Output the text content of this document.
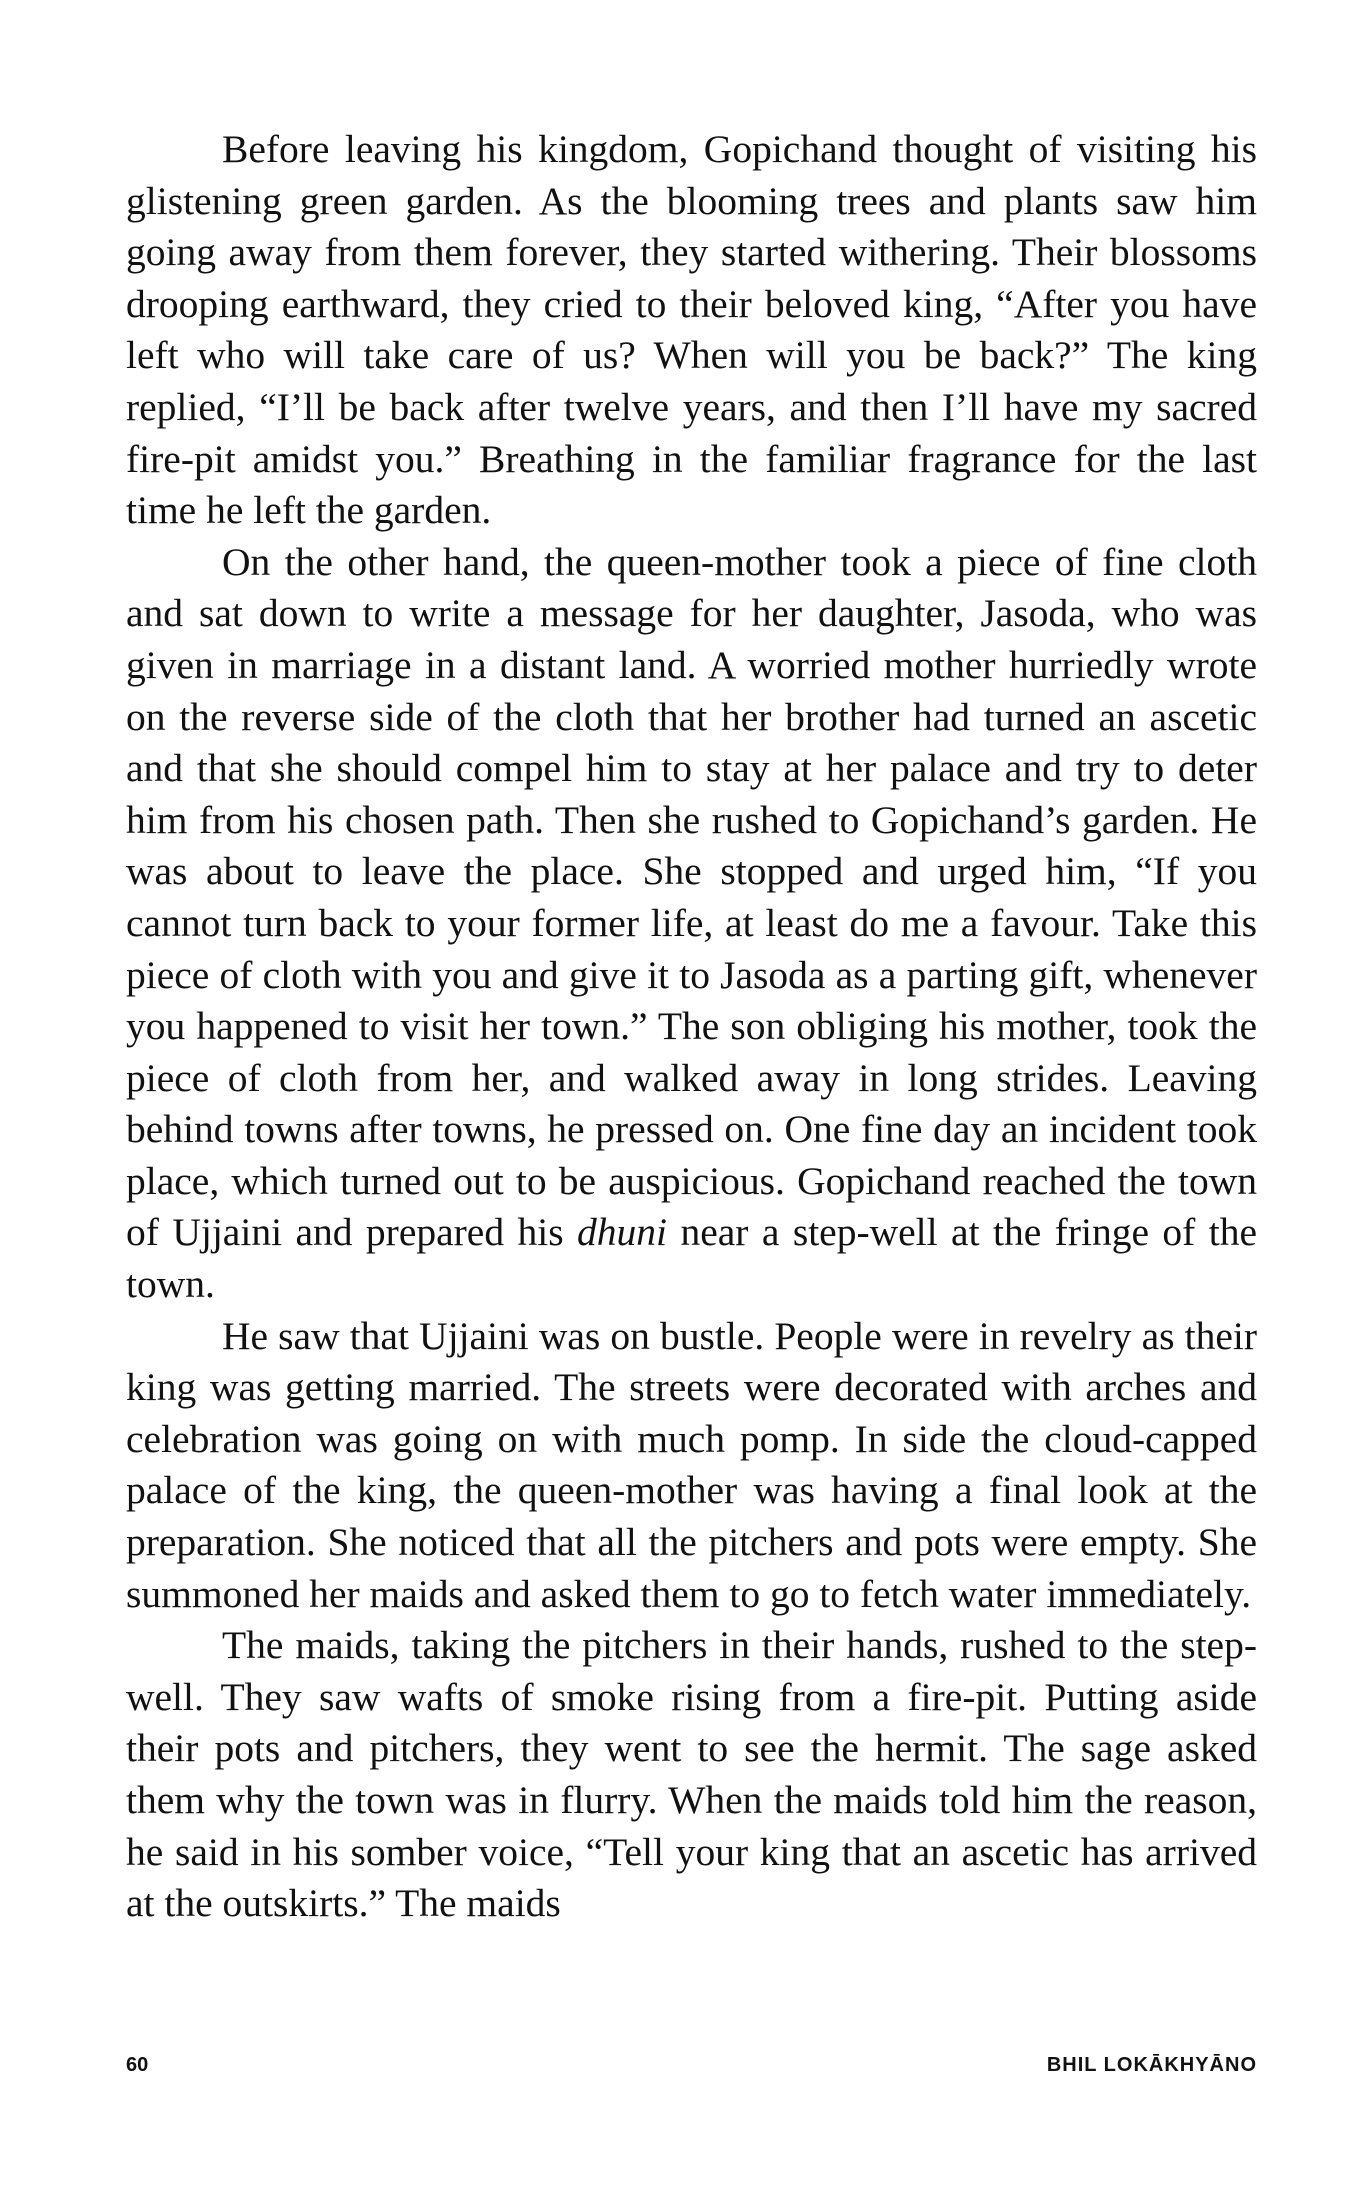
Before leaving his kingdom, Gopichand thought of visiting his glistening green garden. As the blooming trees and plants saw him going away from them forever, they started withering. Their blossoms drooping earthward, they cried to their beloved king, “After you have left who will take care of us? When will you be back?” The king replied, “I’ll be back after twelve years, and then I’ll have my sacred fire-pit amidst you.” Breathing in the familiar fragrance for the last time he left the garden.

On the other hand, the queen-mother took a piece of fine cloth and sat down to write a message for her daughter, Jasoda, who was given in marriage in a distant land. A worried mother hurriedly wrote on the reverse side of the cloth that her brother had turned an ascetic and that she should compel him to stay at her palace and try to deter him from his chosen path. Then she rushed to Gopichand’s garden. He was about to leave the place. She stopped and urged him, “If you cannot turn back to your former life, at least do me a favour. Take this piece of cloth with you and give it to Jasoda as a parting gift, whenever you happened to visit her town.” The son obliging his mother, took the piece of cloth from her, and walked away in long strides. Leaving behind towns after towns, he pressed on. One fine day an incident took place, which turned out to be auspicious. Gopichand reached the town of Ujjaini and prepared his dhuni near a step-well at the fringe of the town.

He saw that Ujjaini was on bustle. People were in revelry as their king was getting married. The streets were decorated with arches and celebration was going on with much pomp. In side the cloud-capped palace of the king, the queen-mother was having a final look at the preparation. She noticed that all the pitchers and pots were empty. She summoned her maids and asked them to go to fetch water immediately.

The maids, taking the pitchers in their hands, rushed to the step-well. They saw wafts of smoke rising from a fire-pit. Putting aside their pots and pitchers, they went to see the hermit. The sage asked them why the town was in flurry. When the maids told him the reason, he said in his somber voice, “Tell your king that an ascetic has arrived at the outskirts.” The maids

60	BHIL LOKĀKHYĀNO
